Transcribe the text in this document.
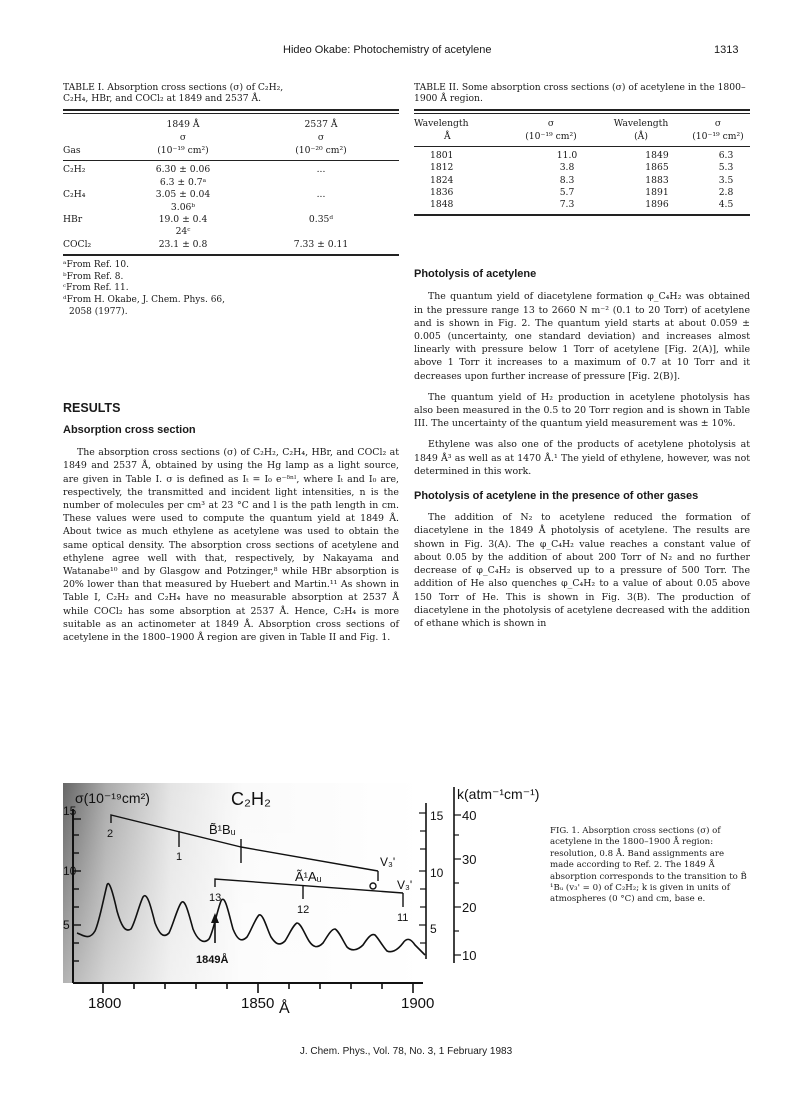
Hideo Okabe: Photochemistry of acetylene	1313
TABLE I. Absorption cross sections (σ) of C₂H₂, C₂H₄, HBr, and COCl₂ at 1849 and 2537 Å.
	1849 Å	2537 Å
	σ	σ
Gas	(10⁻¹⁹ cm²)	(10⁻²⁰ cm²)
C₂H₂	6.30 ± 0.06	...
	6.3 ± 0.7ᵃ	
C₂H₄	3.05 ± 0.04	...
	3.06ᵇ	
HBr	19.0 ± 0.4	0.35ᵈ
	24ᶜ	
COCl₂	23.1 ± 0.8	7.33 ± 0.11
ᵃFrom Ref. 10.
ᵇFrom Ref. 8.
ᶜFrom Ref. 11.
ᵈFrom H. Okabe, J. Chem. Phys. 66,
2058 (1977).
RESULTS
Absorption cross section

The absorption cross sections (σ) of C₂H₂, C₂H₄, HBr, and COCl₂ at 1849 and 2537 Å, obtained by using the Hg lamp as a light source, are given in Table I. σ is defined as Iₜ = I₀ e⁻ᵟⁿˡ, where Iₜ and I₀ are, respectively, the transmitted and incident light intensities, n is the number of molecules per cm³ at 23 °C and l is the path length in cm. These values were used to compute the quantum yield at 1849 Å. About twice as much ethylene as acetylene was used to obtain the same optical density. The absorption cross sections of acetylene and ethylene agree well with that, respectively, by Nakayama and Watanabe¹⁰ and by Glasgow and Potzinger,⁸ while HBr absorption is 20% lower than that measured by Huebert and Martin.¹¹ As shown in Table I, C₂H₂ and C₂H₄ have no measurable absorption at 2537 Å while COCl₂ has some absorption at 2537 Å. Hence, C₂H₄ is more suitable as an actinometer at 1849 Å. Absorption cross sections of acetylene in the 1800–1900 Å region are given in Table II and Fig. 1.

TABLE II. Some absorption cross sections (σ) of acetylene in the 1800–1900 Å region.
Wavelength	σ	Wavelength	σ
Å	(10⁻¹⁹ cm²)	(Å)	(10⁻¹⁹ cm²)
1801	11.0	1849	6.3
1812	3.8	1865	5.3
1824	8.3	1883	3.5
1836	5.7	1891	2.8
1848	7.3	1896	4.5
Photolysis of acetylene

The quantum yield of diacetylene formation φ_C₄H₂ was obtained in the pressure range 13 to 2660 N m⁻² (0.1 to 20 Torr) of acetylene and is shown in Fig. 2. The quantum yield starts at about 0.059 ± 0.005 (uncertainty, one standard deviation) and increases almost linearly with pressure below 1 Torr of acetylene [Fig. 2(A)], while above 1 Torr it increases to a maximum of 0.7 at 10 Torr and it decreases upon further increase of pressure [Fig. 2(B)].

The quantum yield of H₂ production in acetylene photolysis has also been measured in the 0.5 to 20 Torr region and is shown in Table III. The uncertainty of the quantum yield measurement was ± 10%.

Ethylene was also one of the products of acetylene photolysis at 1849 Å³ as well as at 1470 Å.¹ The yield of ethylene, however, was not determined in this work.

Photolysis of acetylene in the presence of other gases

The addition of N₂ to acetylene reduced the formation of diacetylene in the 1849 Å photolysis of acetylene. The results are shown in Fig. 3(A). The φ_C₄H₂ value reaches a constant value of about 0.05 by the addition of about 200 Torr of N₂ and no further decrease of φ_C₄H₂ is observed up to a pressure of 500 Torr. The addition of He also quenches φ_C₄H₂ to a value of about 0.05 above 150 Torr of He. This is shown in Fig. 3(B). The production of diacetylene in the photolysis of acetylene decreased with the addition of ethane which is shown in

15
10
5
σ(10⁻¹⁹cm²)	C₂H₂
15
10
5
k(atm⁻¹cm⁻¹)
40
30
20
10
2
1
B̃¹Bᵤ
V₃'
13
12
11
Ã¹Aᵤ
V₃'
1849Å
1800	1850	1900
Å
FIG. 1. Absorption cross sections (σ) of acetylene in the 1800–1900 Å region: resolution, 0.8 Å. Band assignments are made according to Ref. 2. The 1849 Å absorption corresponds to the transition to B̃ ¹Bᵤ (v₃' = 0) of C₂H₂; k is given in units of atmospheres (0 °C) and cm, base e.
J. Chem. Phys., Vol. 78, No. 3, 1 February 1983
